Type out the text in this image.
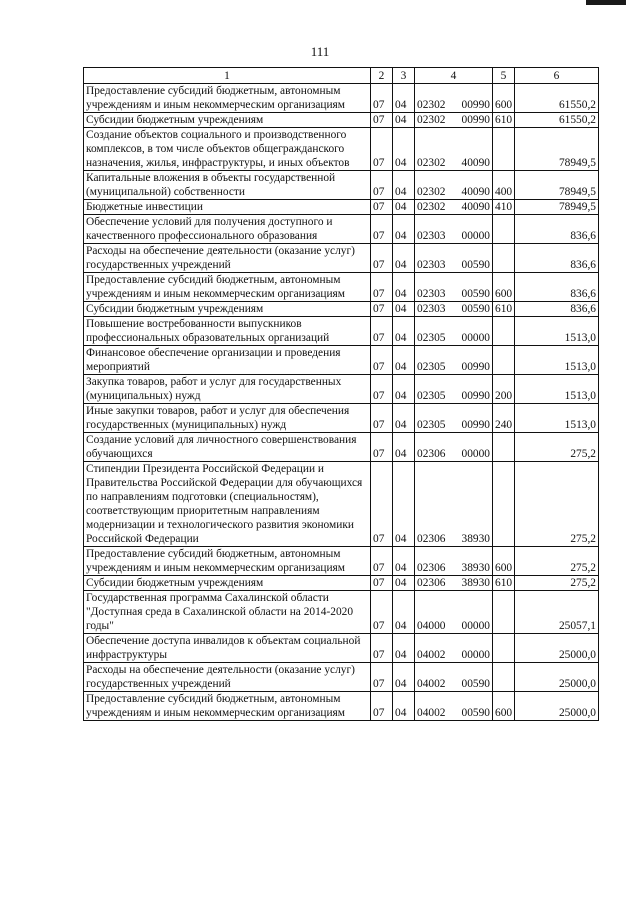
111
1	2	3	4	5	6
Предоставление субсидий бюджетным, автономным учреждениям и иным некоммерческим организациям	07	04	02302 00990	600	61550,2
Субсидии бюджетным учреждениям	07	04	02302 00990	610	61550,2
Создание объектов социального и производственного комплексов, в том числе объектов общегражданского назначения, жилья, инфраструктуры, и иных объектов	07	04	02302 40090		78949,5
Капитальные вложения в объекты государственной (муниципальной) собственности	07	04	02302 40090	400	78949,5
Бюджетные инвестиции	07	04	02302 40090	410	78949,5
Обеспечение условий для получения доступного и качественного профессионального образования	07	04	02303 00000		836,6
Расходы на обеспечение деятельности (оказание услуг) государственных учреждений	07	04	02303 00590		836,6
Предоставление субсидий бюджетным, автономным учреждениям и иным некоммерческим организациям	07	04	02303 00590	600	836,6
Субсидии бюджетным учреждениям	07	04	02303 00590	610	836,6
Повышение востребованности выпускников профессиональных образовательных организаций	07	04	02305 00000		1513,0
Финансовое обеспечение организации и проведения мероприятий	07	04	02305 00990		1513,0
Закупка товаров, работ и услуг для государственных (муниципальных) нужд	07	04	02305 00990	200	1513,0
Иные закупки товаров, работ и услуг для обеспечения государственных (муниципальных) нужд	07	04	02305 00990	240	1513,0
Создание условий для личностного совершенствования обучающихся	07	04	02306 00000		275,2
Стипендии Президента Российской Федерации и Правительства Российской Федерации для обучающихся по направлениям подготовки (специальностям), соответствующим приоритетным направлениям модернизации и технологического развития экономики Российской Федерации	07	04	02306 38930		275,2
Предоставление субсидий бюджетным, автономным учреждениям и иным некоммерческим организациям	07	04	02306 38930	600	275,2
Субсидии бюджетным учреждениям	07	04	02306 38930	610	275,2
Государственная программа Сахалинской области "Доступная среда в Сахалинской области на 2014-2020 годы"	07	04	04000 00000		25057,1
Обеспечение доступа инвалидов к объектам социальной инфраструктуры	07	04	04002 00000		25000,0
Расходы на обеспечение деятельности (оказание услуг) государственных учреждений	07	04	04002 00590		25000,0
Предоставление субсидий бюджетным, автономным учреждениям и иным некоммерческим организациям	07	04	04002 00590	600	25000,0
